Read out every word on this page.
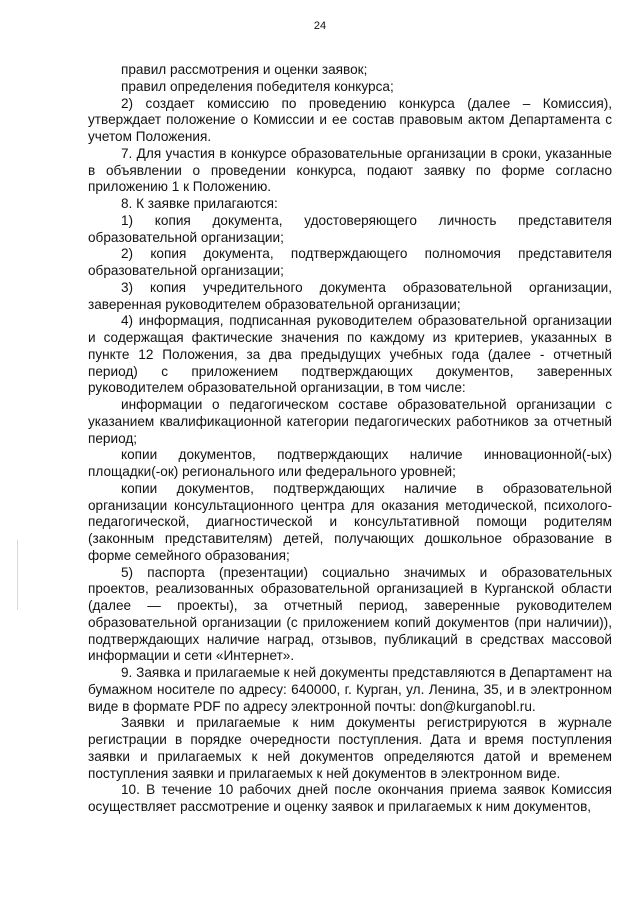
24

правил рассмотрения и оценки заявок;

правил определения победителя конкурса;

2) создает комиссию по проведению конкурса (далее – Комиссия), утверждает положение о Комиссии и ее состав правовым актом Департамента с учетом Положения.

7. Для участия в конкурсе образовательные организации в сроки, указанные в объявлении о проведении конкурса, подают заявку по форме согласно приложению 1 к Положению.

8. К заявке прилагаются:

1) копия документа, удостоверяющего личность представителя образовательной организации;

2) копия документа, подтверждающего полномочия представителя образовательной организации;

3) копия учредительного документа образовательной организации, заверенная руководителем образовательной организации;

4) информация, подписанная руководителем образовательной организации и содержащая фактические значения по каждому из критериев, указанных в пункте 12 Положения, за два предыдущих учебных года (далее - отчетный период) с приложением подтверждающих документов, заверенных руководителем образовательной организации, в том числе:

информации о педагогическом составе образовательной организации с указанием квалификационной категории педагогических работников за отчетный период;

копии документов, подтверждающих наличие инновационной(-ых) площадки(-ок) регионального или федерального уровней;

копии документов, подтверждающих наличие в образовательной организации консультационного центра для оказания методической, психолого-педагогической, диагностической и консультативной помощи родителям (законным представителям) детей, получающих дошкольное образование в форме семейного образования;

5) паспорта (презентации) социально значимых и образовательных проектов, реализованных образовательной организацией в Курганской области (далее — проекты), за отчетный период, заверенные руководителем образовательной организации (с приложением копий документов (при наличии)), подтверждающих наличие наград, отзывов, публикаций в средствах массовой информации и сети «Интернет».

9. Заявка и прилагаемые к ней документы представляются в Департамент на бумажном носителе по адресу: 640000, г. Курган, ул. Ленина, 35, и в электронном виде в формате PDF по адресу электронной почты: don@kurganobl.ru.

Заявки и прилагаемые к ним документы регистрируются в журнале регистрации в порядке очередности поступления. Дата и время поступления заявки и прилагаемых к ней документов определяются датой и временем поступления заявки и прилагаемых к ней документов в электронном виде.

10. В течение 10 рабочих дней после окончания приема заявок Комиссия осуществляет рассмотрение и оценку заявок и прилагаемых к ним документов,
